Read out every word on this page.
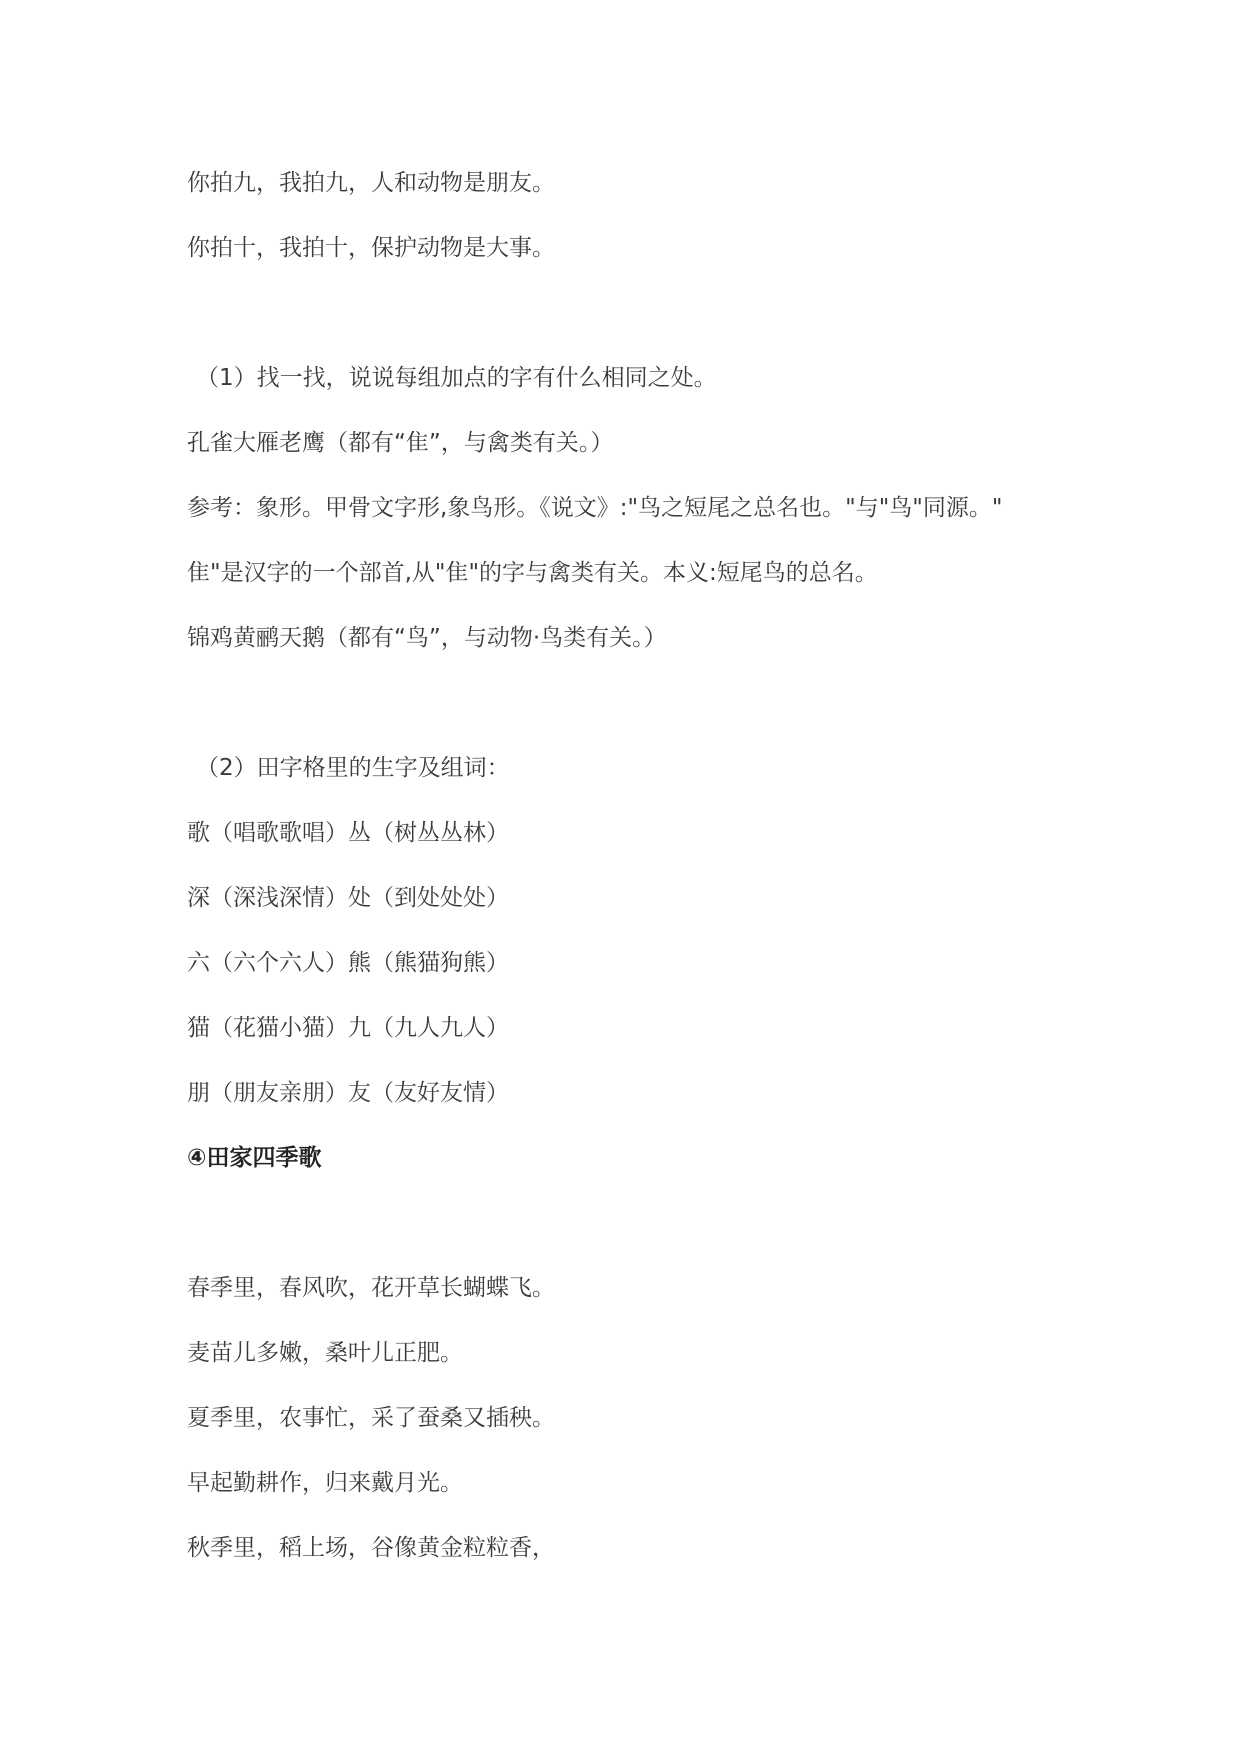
你拍九，我拍九，人和动物是朋友。
你拍十，我拍十，保护动物是大事。
（1）找一找，说说每组加点的字有什么相同之处。
孔雀大雁老鹰（都有“隹”，与禽类有关。）
参考：象形。甲骨文字形,象鸟形。《说文》:"鸟之短尾之总名也。"与"鸟"同源。"
隹"是汉字的一个部首,从"隹"的字与禽类有关。本义:短尾鸟的总名。
锦鸡黄鹂天鹅（都有“鸟”，与动物·鸟类有关。）
（2）田字格里的生字及组词：
歌（唱歌歌唱）丛（树丛丛林）
深（深浅深情）处（到处处处）
六（六个六人）熊（熊猫狗熊）
猫（花猫小猫）九（九人九人）
朋（朋友亲朋）友（友好友情）
④田家四季歌
春季里，春风吹，花开草长蝴蝶飞。
麦苗儿多嫩，桑叶儿正肥。
夏季里，农事忙，采了蚕桑又插秧。
早起勤耕作，归来戴月光。
秋季里，稻上场，谷像黄金粒粒香，
